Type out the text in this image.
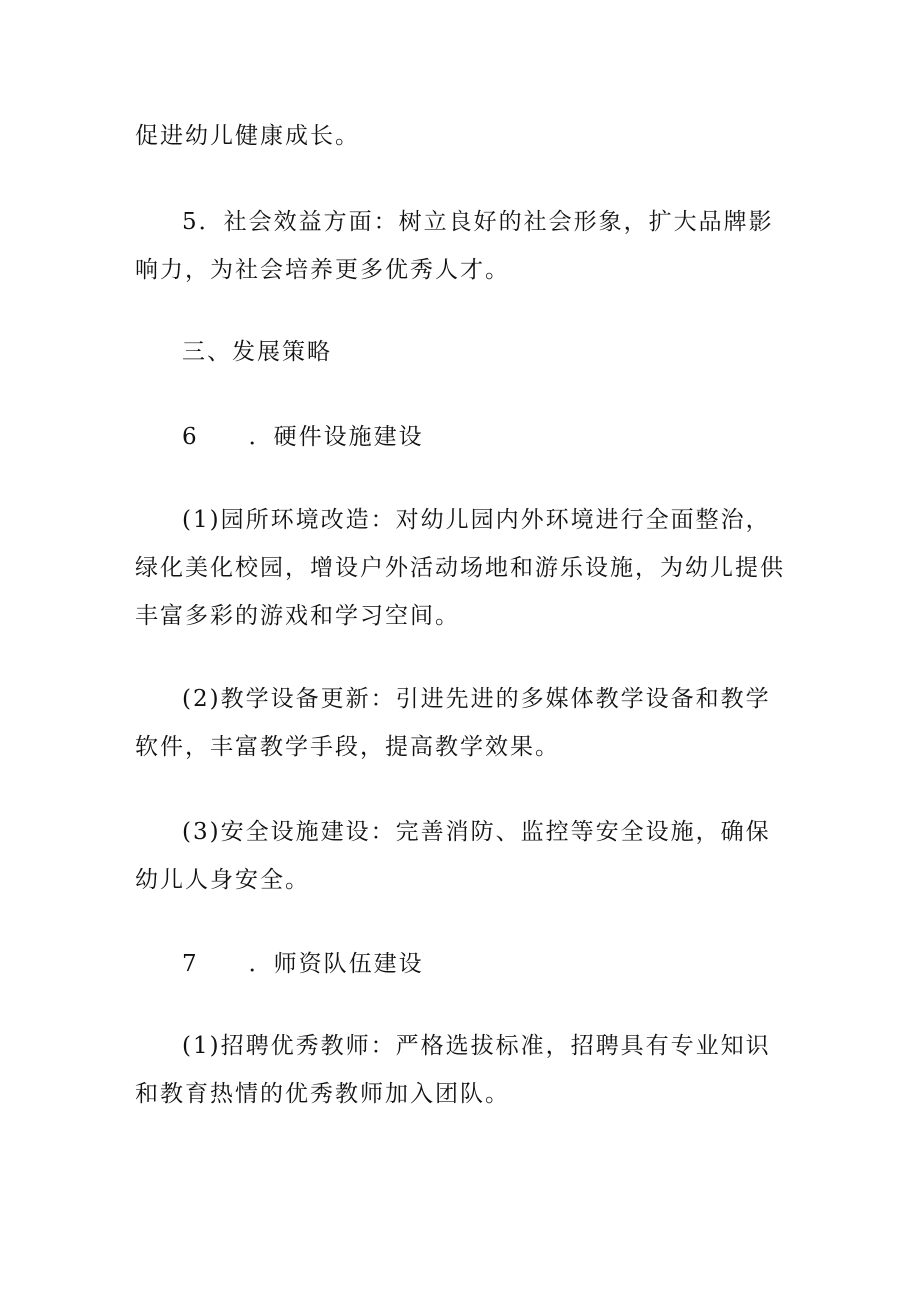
促进幼儿健康成长。

5．社会效益方面：树立良好的社会形象，扩大品牌影响力，为社会培养更多优秀人才。

三、发展策略

6 ．硬件设施建设

(1)园所环境改造：对幼儿园内外环境进行全面整治，绿化美化校园，增设户外活动场地和游乐设施，为幼儿提供丰富多彩的游戏和学习空间。

(2)教学设备更新：引进先进的多媒体教学设备和教学软件，丰富教学手段，提高教学效果。

(3)安全设施建设：完善消防、监控等安全设施，确保幼儿人身安全。

7 ．师资队伍建设

(1)招聘优秀教师：严格选拔标准，招聘具有专业知识和教育热情的优秀教师加入团队。
